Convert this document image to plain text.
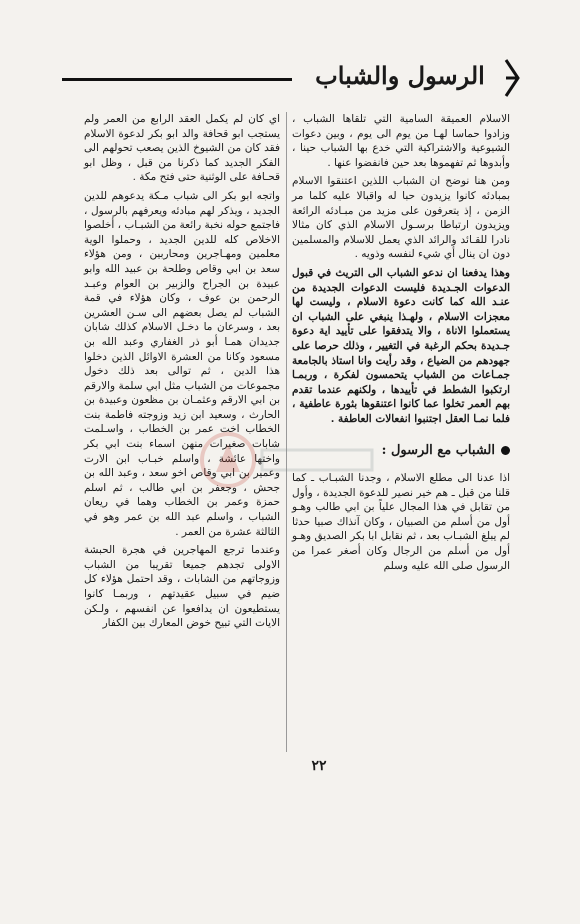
الرسول والشباب

الاسلام العميقة السامية التي تلقاها الشباب ، وزادوا حماسا لهـا من يوم الى يوم ، وبين دعوات الشيوعية والاشتراكية التي خدع بها الشباب حينا ، وأبدوها ثم تفهموها بعد حين فانفضوا عنها .

ومن هنا نوضح ان الشباب اللذين اعتنقوا الاسلام بمبادئه كانوا يزيدون حبا له واقبالا عليه كلما مر الزمن ، إذ يتعرفون على مزيد من مبـادئه الرائعة ويزيدون ارتباطا برسـول الاسلام الذي كان مثالا نادرا للقـائد والرائد الذي يعمل للاسلام والمسلمين دون ان ينال أي شيء لنفسه وذويه .

وهذا يدفعنا ان ندعو الشباب الى التريث في قبول الدعوات الجـديدة فليست الدعوات الجديدة من عنـد الله كما كانت دعوة الاسلام ، وليست لها معجزات الاسلام ، ولهـذا ينبغي على الشباب ان يستعملوا الاناة ، والا يتدفقوا على تأييد اية دعوة جـديدة بحكم الرغبة في التغيير ، وذلك حرصا على جهودهم من الضياع ، وقد رأيت وانا استاذ بالجامعة جمـاعات من الشباب يتحمسون لفكرة ، وربمـا ارتكبوا الشطط في تأييدها ، ولكنهم عندما تقدم بهم العمر تخلوا عما كانوا اعتنقوها بثورة عاطفية ، فلما نمـا العقل اجتنبوا انفعالات العاطفة .

الشباب مع الرسول :

اذا عدنا الى مطلع الاسلام ، وجدنا الشبـاب ـ كما قلنا من قبل ـ هم خير نصير للدعوة الجديدة ، وأول من تقابل في هذا المجال علياً بن ابي طالب وهـو أول من أسلم من الصبيان ، وكان آنذاك صبيا حدثا لم يبلغ الشبـاب بعد ، ثم نقابل ابا بكر الصديق وهـو أول من أسلم من الرجال وكان أصغر عمرا من الرسول صلى الله عليه وسلم

اي كان لم يكمل العقد الرابع من العمر ولم يستجب ابو قحافة والد ابو بكر لدعوة الاسلام فقد كان من الشيوخ الذين يصعب تحولهم الى الفكر الجديد كما ذكرنا من قبل ، وظل ابو قحـافة على الوثنية حتى فتح مكة .

واتجه ابو بكر الى شباب مـكة يدعوهم للدين الجديد ، ويذكر لهم مبادئه ويعرفهم بالرسول ، فاجتمع حوله نخبة رائعة من الشبـاب ، أخلصوا الاخلاص كله للدين الجديد ، وحملوا الوية معلمين ومهـاجرين ومحاربين ، ومن هؤلاء سعد بن ابي وقاص وطلحة بن عبيد الله وابو عبيدة بن الجراح والزبير بن العوام وعبـد الرحمن بن عوف ، وكان هؤلاء في قمة الشباب لم يصل بعضهم الى سـن العشرين بعد ، وسرعان ما دخـل الاسلام كذلك شابان جديدان همـا أبو ذر الغفاري وعبد الله بن مسعود وكانا من العشرة الاوائل الذين دخلوا هذا الدين ، ثم توالى بعد ذلك دخول مجموعات من الشباب مثل ابي سلمة والارقم بن ابي الارقم وعثمـان بن مظعون وعبيدة بن الحارث ، وسعيد ابن زيد وزوجته فاطمة بنت الخطاب اخت عمر بن الخطاب ، واسـلمت شابات صغيرات منهن اسماء بنت ابي بكر واختها عائشة ، واسلم خبـاب ابن الارت وعمير بن ابي وقاص اخو سعد ، وعبد الله بن جحش ، وجعفر بن ابي طالب ، ثم اسلم حمزة وعمر بن الخطاب وهما في ريعان الشباب ، واسلم عبد الله بن عمر وهو في الثالثة عشرة من العمر .

وعندما ترجع المهاجرين في هجرة الحبشة الاولى تجدهم جميعا تقريبا من الشباب وزوجاتهم من الشابات ، وقد احتمل هؤلاء كل ضيم في سبيل عقيدتهم ، وربمـا كانوا يستطيعون ان يدافعوا عن انفسهم ، ولـكن الايات التي تبيح خوض المعارك بين الكفار

٢٢
